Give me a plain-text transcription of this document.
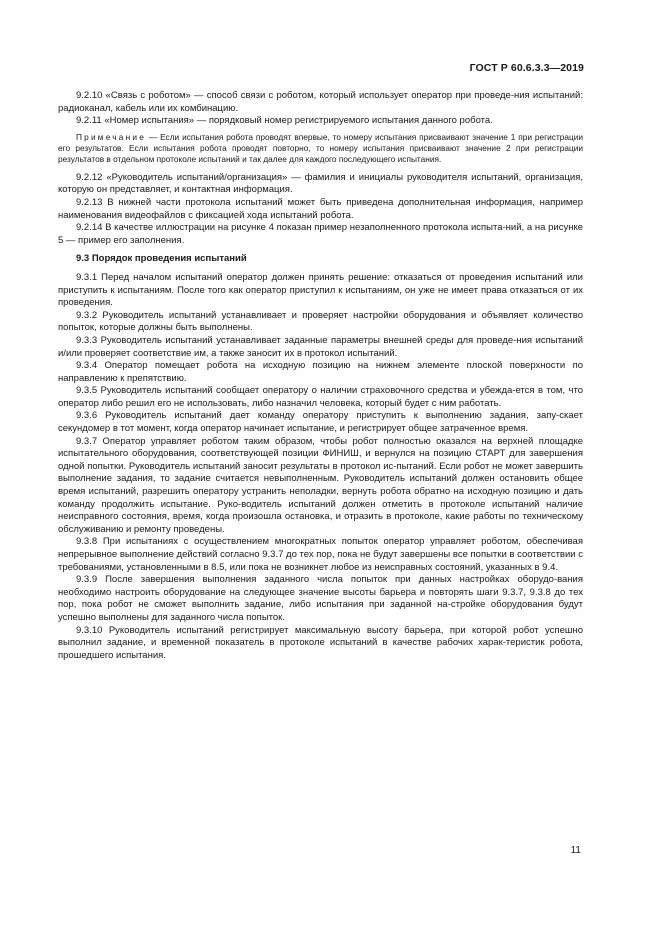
ГОСТ Р 60.6.3.3—2019

9.2.10 «Связь с роботом» — способ связи с роботом, который использует оператор при проведе-ния испытаний: радиоканал, кабель или их комбинацию.

9.2.11 «Номер испытания» — порядковый номер регистрируемого испытания данного робота.

Примечание — Если испытания робота проводят впервые, то номеру испытания присваивают значение 1 при регистрации его результатов. Если испытания робота проводят повторно, то номеру испытания присваивают значение 2 при регистрации результатов в отдельном протоколе испытаний и так далее для каждого последующего испытания.

9.2.12 «Руководитель испытаний/организация» — фамилия и инициалы руководителя испытаний, организация, которую он представляет, и контактная информация.

9.2.13 В нижней части протокола испытаний может быть приведена дополнительная информация, например наименования видеофайлов с фиксацией хода испытаний робота.

9.2.14 В качестве иллюстрации на рисунке 4 показан пример незаполненного протокола испыта-ний, а на рисунке 5 — пример его заполнения.

9.3 Порядок проведения испытаний

9.3.1 Перед началом испытаний оператор должен принять решение: отказаться от проведения испытаний или приступить к испытаниям. После того как оператор приступил к испытаниям, он уже не имеет права отказаться от их проведения.

9.3.2 Руководитель испытаний устанавливает и проверяет настройки оборудования и объявляет количество попыток, которые должны быть выполнены.

9.3.3 Руководитель испытаний устанавливает заданные параметры внешней среды для проведе-ния испытаний и/или проверяет соответствие им, а также заносит их в протокол испытаний.

9.3.4 Оператор помещает робота на исходную позицию на нижнем элементе плоской поверхности по направлению к препятствию.

9.3.5 Руководитель испытаний сообщает оператору о наличии страховочного средства и убежда-ется в том, что оператор либо решил его не использовать, либо назначил человека, который будет с ним работать.

9.3.6 Руководитель испытаний дает команду оператору приступить к выполнению задания, запу-скает секундомер в тот момент, когда оператор начинает испытание, и регистрирует общее затраченное время.

9.3.7 Оператор управляет роботом таким образом, чтобы робот полностью оказался на верхней площадке испытательного оборудования, соответствующей позиции ФИНИШ, и вернулся на позицию СТАРТ для завершения одной попытки. Руководитель испытаний заносит результаты в протокол ис-пытаний. Если робот не может завершить выполнение задания, то задание считается невыполненным. Руководитель испытаний должен остановить общее время испытаний, разрешить оператору устранить неполадки, вернуть робота обратно на исходную позицию и дать команду продолжить испытание. Руко-водитель испытаний должен отметить в протоколе испытаний наличие неисправного состояния, время, когда произошла остановка, и отразить в протоколе, какие работы по техническому обслуживанию и ремонту проведены.

9.3.8 При испытаниях с осуществлением многократных попыток оператор управляет роботом, обеспечивая непрерывное выполнение действий согласно 9.3.7 до тех пор, пока не будут завершены все попытки в соответствии с требованиями, установленными в 8.5, или пока не возникнет любое из неисправных состояний, указанных в 9.4.

9.3.9 После завершения выполнения заданного числа попыток при данных настройках оборудо-вания необходимо настроить оборудование на следующее значение высоты барьера и повторять шаги 9.3.7, 9.3.8 до тех пор, пока робот не сможет выполнить задание, либо испытания при заданной на-стройке оборудования будут успешно выполнены для заданного числа попыток.

9.3.10 Руководитель испытаний регистрирует максимальную высоту барьера, при которой робот успешно выполнил задание, и временной показатель в протоколе испытаний в качестве рабочих харак-теристик робота, прошедшего испытания.

11
